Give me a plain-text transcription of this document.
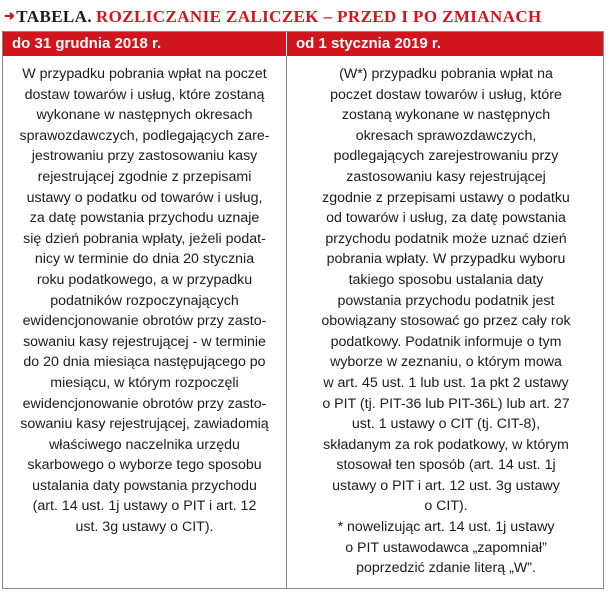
➜ TABELA. ROZLICZANIE ZALICZEK – PRZED I PO ZMIANACH
do 31 grudnia 2018 r.	od 1 stycznia 2019 r.
W przypadku pobrania wpłat na poczet
dostaw towarów i usług, które zostaną
wykonane w następnych okresach
sprawozdawczych, podlegających zare-
jestrowaniu przy zastosowaniu kasy
rejestrującej zgodnie z przepisami
ustawy o podatku od towarów i usług,
za datę powstania przychodu uznaje
się dzień pobrania wpłaty, jeżeli podat-
nicy w terminie do dnia 20 stycznia
roku podatkowego, a w przypadku
podatników rozpoczynających
ewidencjonowanie obrotów przy zasto-
sowaniu kasy rejestrującej - w terminie
do 20 dnia miesiąca następującego po
miesiącu, w którym rozpoczęli
ewidencjonowanie obrotów przy zasto-
sowaniu kasy rejestrującej, zawiadomią
właściwego naczelnika urzędu
skarbowego o wyborze tego sposobu
ustalania daty powstania przychodu
(art. 14 ust. 1j ustawy o PIT i art. 12
ust. 3g ustawy o CIT).
(W*) przypadku pobrania wpłat na
poczet dostaw towarów i usług, które
zostaną wykonane w następnych
okresach sprawozdawczych,
podlegających zarejestrowaniu przy
zastosowaniu kasy rejestrującej
zgodnie z przepisami ustawy o podatku
od towarów i usług, za datę powstania
przychodu podatnik może uznać dzień
pobrania wpłaty. W przypadku wyboru
takiego sposobu ustalania daty
powstania przychodu podatnik jest
obowiązany stosować go przez cały rok
podatkowy. Podatnik informuje o tym
wyborze w zeznaniu, o którym mowa
w art. 45 ust. 1 lub ust. 1a pkt 2 ustawy
o PIT (tj. PIT-36 lub PIT-36L) lub art. 27
ust. 1 ustawy o CIT (tj. CIT-8),
składanym za rok podatkowy, w którym
stosował ten sposób (art. 14 ust. 1j
ustawy o PIT i art. 12 ust. 3g ustawy
o CIT).
* nowelizując art. 14 ust. 1j ustawy
o PIT ustawodawca „zapomniał”
poprzedzić zdanie literą „W”.
